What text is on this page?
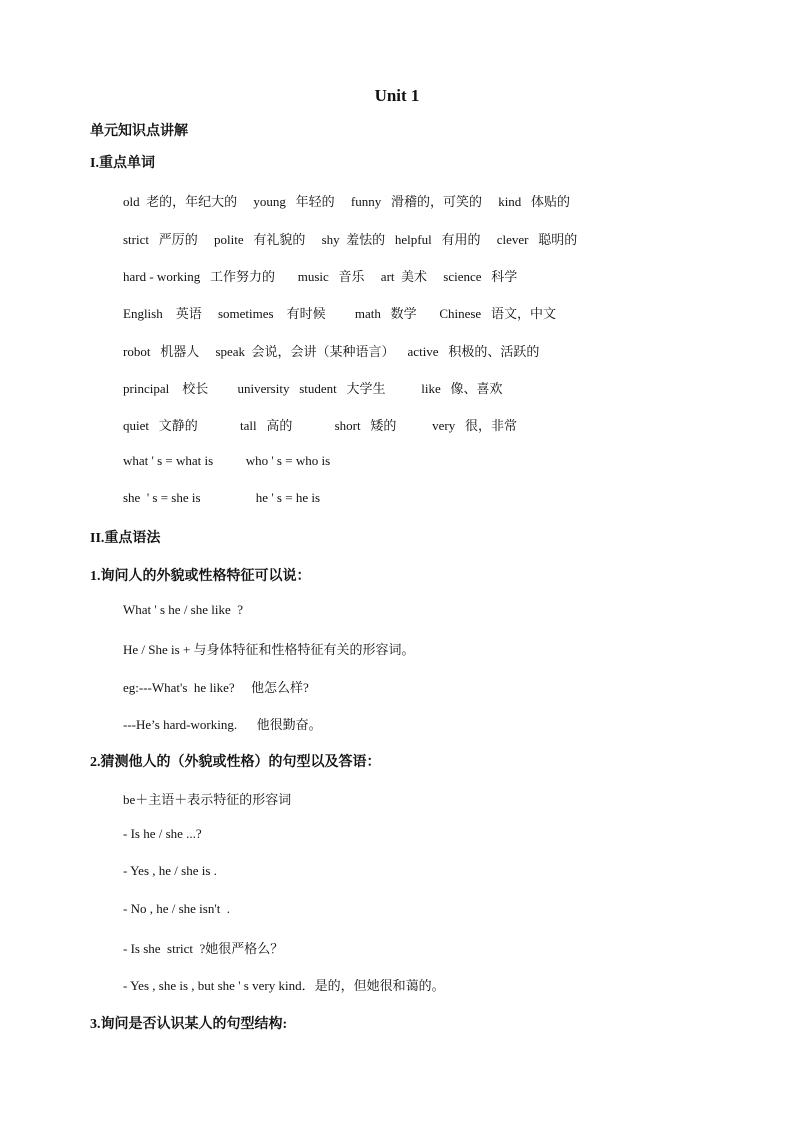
Unit 1
单元知识点讲解
I.重点单词
old  老的，年纪大的     young   年轻的     funny   滑稽的，可笑的     kind   体贴的
strict   严厉的     polite   有礼貌的     shy  羞怯的   helpful   有用的     clever   聪明的
hard - working   工作努力的       music   音乐     art  美术     science   科学
English    英语     sometimes    有时候         math   数学       Chinese   语文，中文
robot   机器人     speak  会说，会讲（某种语言）    active   积极的、活跃的
principal    校长         university   student   大学生           like   像、喜欢
quiet   文静的             tall   高的             short   矮的           very   很，非常
what ' s = what is          who ' s = who is
she  ' s = she is                 he ' s = he is
II.重点语法
1.询问人的外貌或性格特征可以说：
What ' s he / she like  ?
He / She is + 与身体特征和性格特征有关的形容词。
eg:---What's  he like?     他怎么样?
---He’s hard-working.      他很勤奋。
2.猜测他人的（外貌或性格）的句型以及答语：
be＋主语＋表示特征的形容词
- Is he / she ...?
- Yes , he / she is .
- No , he / she isn't  .
- Is she  strict  ?她很严格么？
- Yes , she is , but she ' s very kind．是的，但她很和蔼的。
3.询问是否认识某人的句型结构:
